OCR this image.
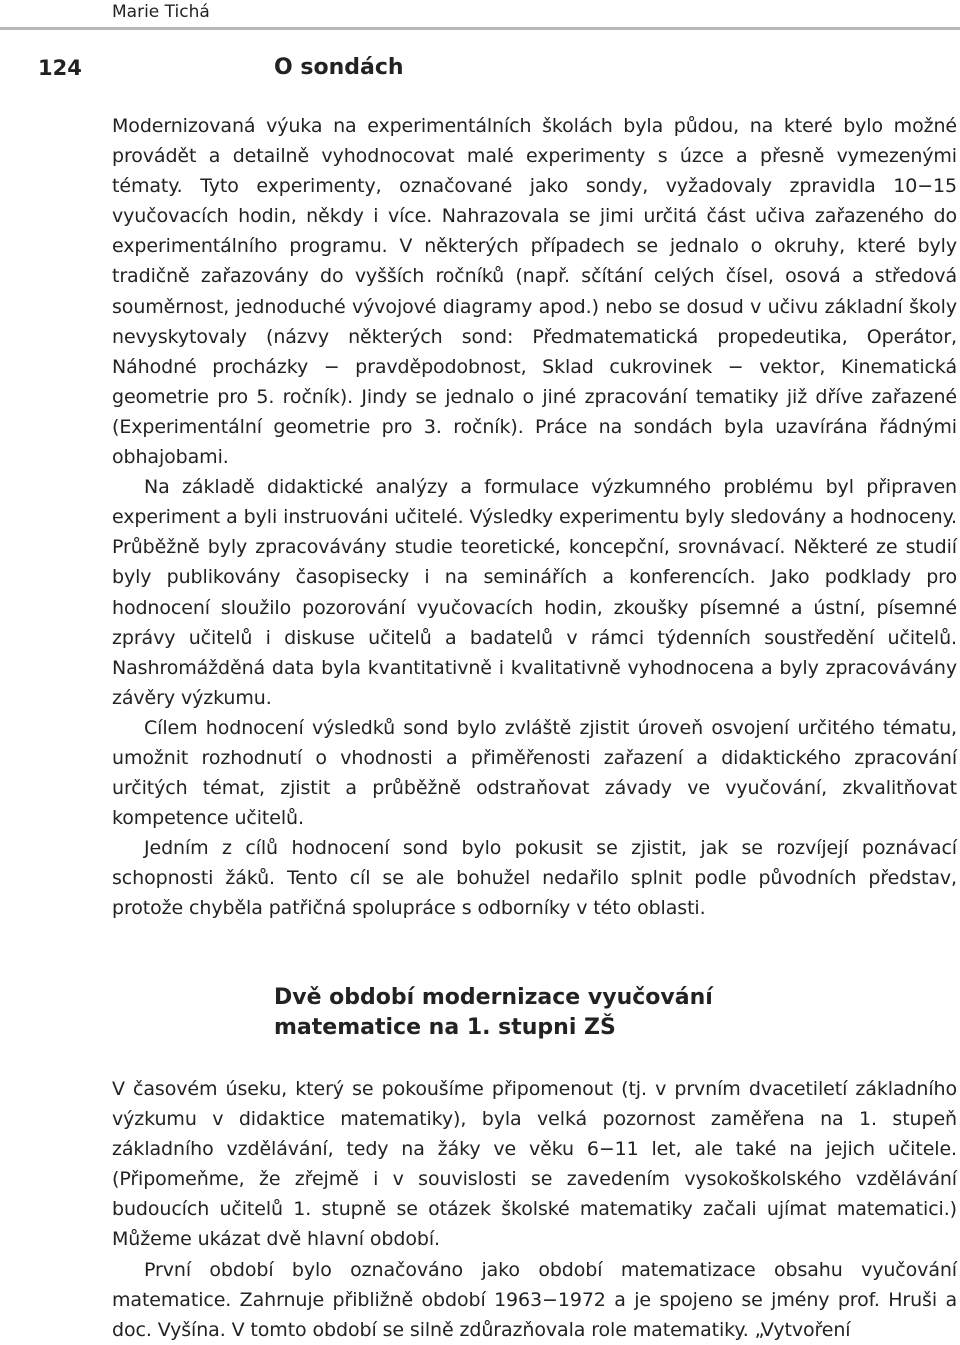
Marie Tichá
124	O sondách

Modernizovaná výuka na experimentálních školách byla půdou, na které bylo možné provádět a detailně vyhodnocovat malé experimenty s úzce a přesně vymezenými tématy. Tyto experimenty, označované jako sondy, vyžadovaly zpravidla 10−15 vyučovacích hodin, někdy i více. Nahrazovala se jimi určitá část učiva zařazeného do experimentálního programu. V některých případech se jednalo o okruhy, které byly tradičně zařazovány do vyšších ročníků (např. sčítání celých čísel, osová a středová souměrnost, jednoduché vývojové diagramy apod.) nebo se dosud v učivu základní školy nevyskytovaly (názvy některých sond: Předmatematická propedeutika, Operátor, Náhodné procházky − pravděpodobnost, Sklad cukrovinek − vektor, Kinematická geometrie pro 5. ročník). Jindy se jednalo o jiné zpracování tematiky již dříve zařazené (Experimentální geometrie pro 3. ročník). Práce na sondách byla uzavírána řádnými obhajobami.

Na základě didaktické analýzy a formulace výzkumného problému byl připraven experiment a byli instruováni učitelé. Výsledky experimentu byly sledovány a hodnoceny. Průběžně byly zpracovávány studie teoretické, koncepční, srovnávací. Některé ze studií byly publikovány časopisecky i na seminářích a konferencích. Jako podklady pro hodnocení sloužilo pozorování vyučovacích hodin, zkoušky písemné a ústní, písemné zprávy učitelů i diskuse učitelů a badatelů v rámci týdenních soustředění učitelů. Nashromážděná data byla kvantitativně i kvalitativně vyhodnocena a byly zpracovávány závěry výzkumu.

Cílem hodnocení výsledků sond bylo zvláště zjistit úroveň osvojení určitého tématu, umožnit rozhodnutí o vhodnosti a přiměřenosti zařazení a didaktického zpracování určitých témat, zjistit a průběžně odstraňovat závady ve vyučování, zkvalitňovat kompetence učitelů.

Jedním z cílů hodnocení sond bylo pokusit se zjistit, jak se rozvíjejí poznávací schopnosti žáků. Tento cíl se ale bohužel nedařilo splnit podle původních představ, protože chyběla patřičná spolupráce s odborníky v této oblasti.

Dvě období modernizace vyučování
matematice na 1. stupni ZŠ

V časovém úseku, který se pokoušíme připomenout (tj. v prvním dvacetiletí základního výzkumu v didaktice matematiky), byla velká pozornost zaměřena na 1. stupeň základního vzdělávání, tedy na žáky ve věku 6−11 let, ale také na jejich učitele. (Připomeňme, že zřejmě i v souvislosti se zavedením vysokoškolského vzdělávání budoucích učitelů 1. stupně se otázek školské matematiky začali ujímat matematici.) Můžeme ukázat dvě hlavní období.

První období bylo označováno jako období matematizace obsahu vyučování matematice. Zahrnuje přibližně období 1963−1972 a je spojeno se jmény prof. Hruši a doc. Vyšína. V tomto období se silně zdůrazňovala role matematiky. „Vytvoření
